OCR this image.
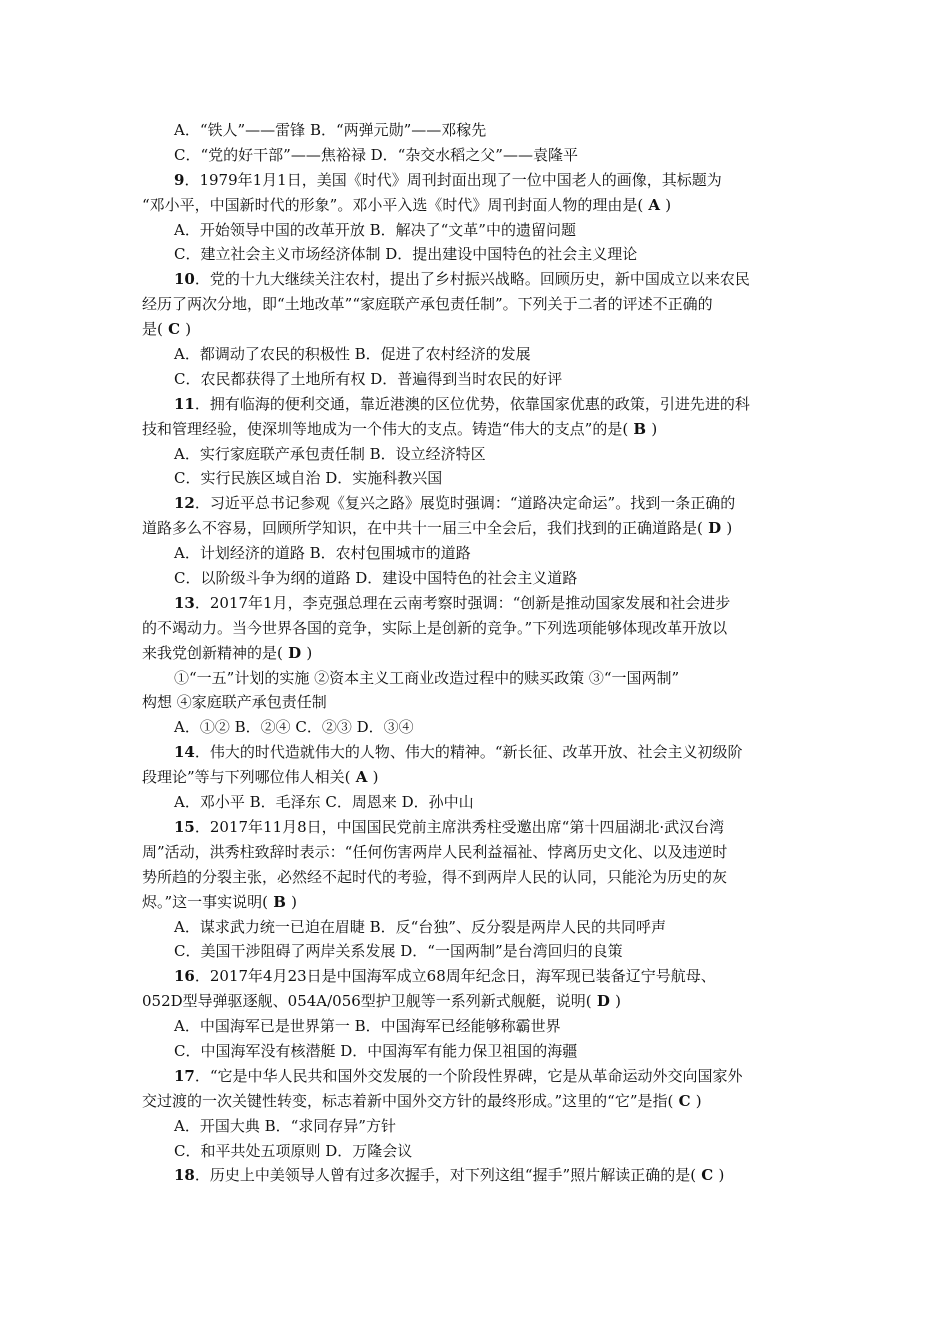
A．“铁人”——雷锋 B．“两弹元勋”——邓稼先
C．“党的好干部”——焦裕禄 D．“杂交水稻之父”——袁隆平
9．1979年1月1日，美国《时代》周刊封面出现了一位中国老人的画像，其标题为
“邓小平，中国新时代的形象”。邓小平入选《时代》周刊封面人物的理由是( A )
A．开始领导中国的改革开放 B．解决了“文革”中的遗留问题
C．建立社会主义市场经济体制 D．提出建设中国特色的社会主义理论
10．党的十九大继续关注农村，提出了乡村振兴战略。回顾历史，新中国成立以来农民
经历了两次分地，即“土地改革”“家庭联产承包责任制”。下列关于二者的评述不正确的
是( C )
A．都调动了农民的积极性 B．促进了农村经济的发展
C．农民都获得了土地所有权 D．普遍得到当时农民的好评
11．拥有临海的便利交通，靠近港澳的区位优势，依靠国家优惠的政策，引进先进的科
技和管理经验，使深圳等地成为一个伟大的支点。铸造“伟大的支点”的是( B )
A．实行家庭联产承包责任制 B．设立经济特区
C．实行民族区域自治 D．实施科教兴国
12．习近平总书记参观《复兴之路》展览时强调：“道路决定命运”。找到一条正确的
道路多么不容易，回顾所学知识，在中共十一届三中全会后，我们找到的正确道路是( D )
A．计划经济的道路 B．农村包围城市的道路
C．以阶级斗争为纲的道路 D．建设中国特色的社会主义道路
13．2017年1月，李克强总理在云南考察时强调：“创新是推动国家发展和社会进步
的不竭动力。当今世界各国的竞争，实际上是创新的竞争。”下列选项能够体现改革开放以
来我党创新精神的是( D )
①“一五”计划的实施 ②资本主义工商业改造过程中的赎买政策 ③“一国两制”
构想 ④家庭联产承包责任制
A．①② B．②④ C．②③ D．③④
14．伟大的时代造就伟大的人物、伟大的精神。“新长征、改革开放、社会主义初级阶
段理论”等与下列哪位伟人相关( A )
A．邓小平 B．毛泽东 C．周恩来 D．孙中山
15．2017年11月8日，中国国民党前主席洪秀柱受邀出席“第十四届湖北·武汉台湾
周”活动，洪秀柱致辞时表示：“任何伤害两岸人民利益福祉、悖离历史文化、以及违逆时
势所趋的分裂主张，必然经不起时代的考验，得不到两岸人民的认同，只能沦为历史的灰
烬。”这一事实说明( B )
A．谋求武力统一已迫在眉睫 B．反“台独”、反分裂是两岸人民的共同呼声
C．美国干涉阻碍了两岸关系发展 D．“一国两制”是台湾回归的良策
16．2017年4月23日是中国海军成立68周年纪念日，海军现已装备辽宁号航母、
052D型导弹驱逐舰、054A/056型护卫舰等一系列新式舰艇，说明( D )
A．中国海军已是世界第一 B．中国海军已经能够称霸世界
C．中国海军没有核潜艇 D．中国海军有能力保卫祖国的海疆
17．“它是中华人民共和国外交发展的一个阶段性界碑，它是从革命运动外交向国家外
交过渡的一次关键性转变，标志着新中国外交方针的最终形成。”这里的“它”是指( C )
A．开国大典 B．“求同存异”方针
C．和平共处五项原则 D．万隆会议
18．历史上中美领导人曾有过多次握手，对下列这组“握手”照片解读正确的是( C )
